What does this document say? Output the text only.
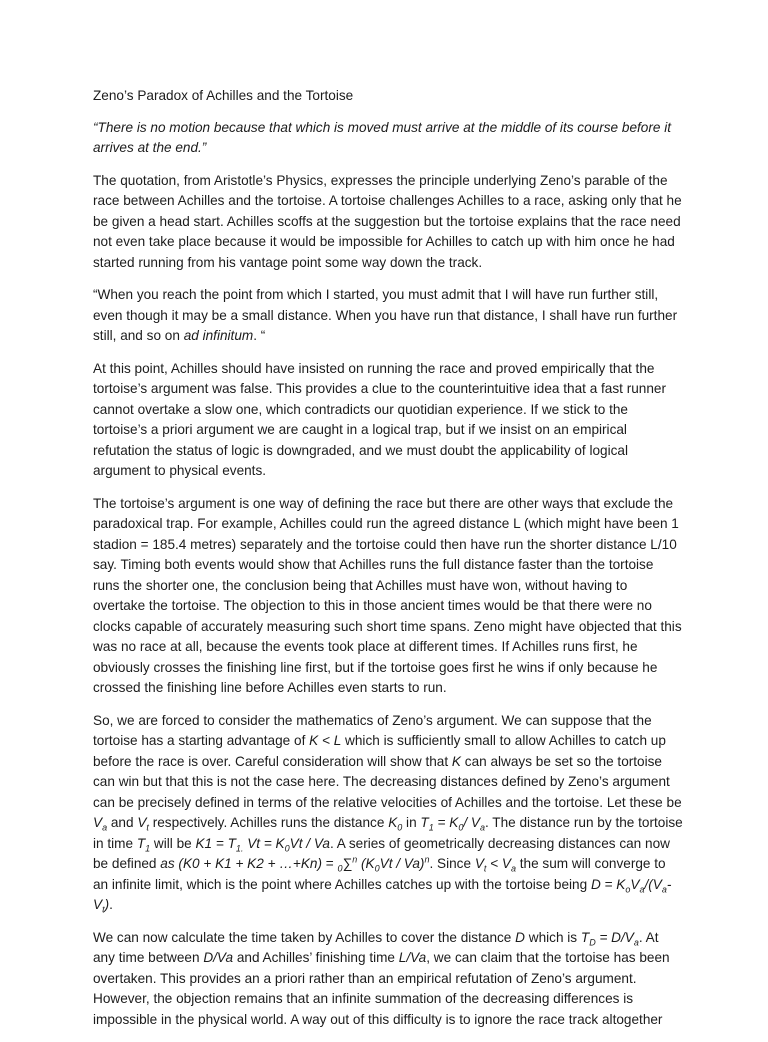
Zeno’s Paradox of Achilles and the Tortoise

“There is no motion because that which is moved must arrive at the middle of its course before it arrives at the end.”

The quotation, from Aristotle’s Physics, expresses the principle underlying Zeno’s parable of the race between Achilles and the tortoise. A tortoise challenges Achilles to a race, asking only that he be given a head start. Achilles scoffs at the suggestion but the tortoise explains that the race need not even take place because it would be impossible for Achilles to catch up with him once he had started running from his vantage point some way down the track.

“When you reach the point from which I started, you must admit that I will have run further still, even though it may be a small distance. When you have run that distance, I shall have run further still, and so on ad infinitum. “

At this point, Achilles should have insisted on running the race and proved empirically that the tortoise’s argument was false. This provides a clue to the counterintuitive idea that a fast runner cannot overtake a slow one, which contradicts our quotidian experience. If we stick to the tortoise’s a priori argument we are caught in a logical trap, but if we insist on an empirical refutation the status of logic is downgraded, and we must doubt the applicability of logical argument to physical events.

The tortoise’s argument is one way of defining the race but there are other ways that exclude the paradoxical trap. For example, Achilles could run the agreed distance L (which might have been 1 stadion = 185.4 metres) separately and the tortoise could then have run the shorter distance L/10 say. Timing both events would show that Achilles runs the full distance faster than the tortoise runs the shorter one, the conclusion being that Achilles must have won, without having to overtake the tortoise. The objection to this in those ancient times would be that there were no clocks capable of accurately measuring such short time spans. Zeno might have objected that this was no race at all, because the events took place at different times. If Achilles runs first, he obviously crosses the finishing line first, but if the tortoise goes first he wins if only because he crossed the finishing line before Achilles even starts to run.

So, we are forced to consider the mathematics of Zeno’s argument. We can suppose that the tortoise has a starting advantage of K < L which is sufficiently small to allow Achilles to catch up before the race is over. Careful consideration will show that K can always be set so the tortoise can win but that this is not the case here. The decreasing distances defined by Zeno’s argument can be precisely defined in terms of the relative velocities of Achilles and the tortoise. Let these be $V_a$ and $V_t$ respectively. Achilles runs the distance $K_0$ in $T_1 = K_0/$ $V_a$. The distance run by the tortoise in time $T_1$ will be $K1 = T_{1.}$ $Vt = K_0Vt / Va$. A series of geometrically decreasing distances can now be defined as (K0 + K1 + K2 + …+Kn) = $_0$∑$^n$ $(K_0Vt / Va)^n$. Since $V_t < V_a$ the sum will converge to an infinite limit, which is the point where Achilles catches up with the tortoise being $D = K_oV_a/(V_a-V_t)$.

We can now calculate the time taken by Achilles to cover the distance D which is $T_D = D/V_a$. At any time between D/Va and Achilles’ finishing time L/Va, we can claim that the tortoise has been overtaken. This provides an a priori rather than an empirical refutation of Zeno’s argument. However, the objection remains that an infinite summation of the decreasing differences is impossible in the physical world. A way out of this difficulty is to ignore the race track altogether
